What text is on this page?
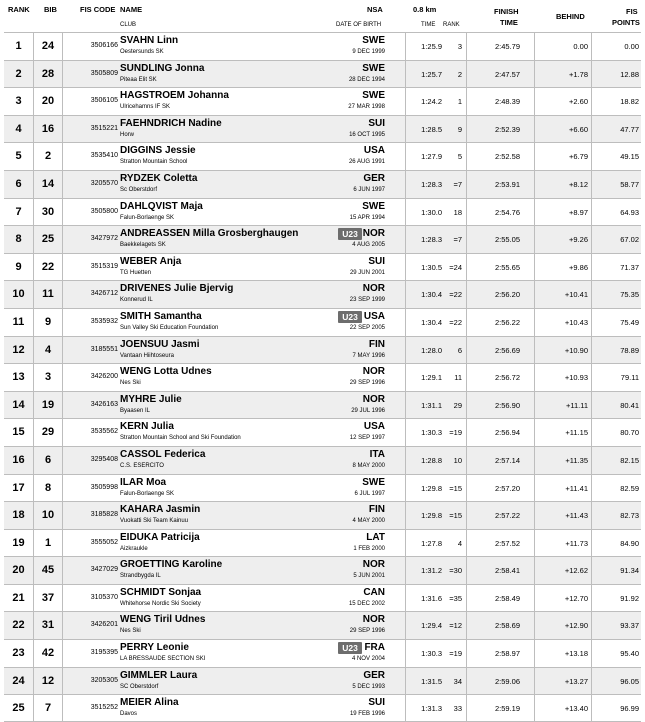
RANK BIB	FIS CODE NAME
CLUB
NSA
DATE OF BIRTH
0.8 km
TIME RANK
FINISH
TIME
BEHIND
FIS
POINTS
1	24	3506166 SVAHN Linn
Oestersunds SK
SWE
9 DEC 1999
1:25.9	3	2:45.79	0.00	0.00
2	28	3505809 SUNDLING Jonna
Piteaa Elit SK
SWE
28 DEC 1994
1:25.7	2	2:47.57	+1.78	12.88
3	20	3506105 HAGSTROEM Johanna
Ulricehamns IF SK
SWE
27 MAR 1998
1:24.2	1	2:48.39	+2.60	18.82
4	16	3515221 FAEHNDRICH Nadine
Horw
SUI
16 OCT 1995
1:28.5	9	2:52.39	+6.60	47.77
5	2	3535410 DIGGINS Jessie
Stratton Mountain School
USA
26 AUG 1991
1:27.9	5	2:52.58	+6.79	49.15
6	14	3205570 RYDZEK Coletta
Sc Oberstdorf
GER
6 JUN 1997
1:28.3	=7	2:53.91	+8.12	58.77
7	30	3505800 DAHLQVIST Maja
Falun-Borlaenge SK
SWE
15 APR 1994
1:30.0	18	2:54.76	+8.97	64.93
8	25	3427972 ANDREASSEN Milla Grosberghaugen
Baekkelagets SK
NOR
4 AUG 2005
1:28.3	=7	2:55.05	+9.26	67.02
U23
9	22	3515319 WEBER Anja
TG Huetten
SUI
29 JUN 2001
1:30.5 =24	2:55.65	+9.86	71.37
10	11	3426712 DRIVENES Julie Bjervig
Konnerud IL
NOR
23 SEP 1999
1:30.4 =22	2:56.20	+10.41	75.35
11	9	3535932 SMITH Samantha
Sun Valley Ski Education Foundation
USA
22 SEP 2005
1:30.4 =22	2:56.22	+10.43	75.49
U23
12	4	3185551 JOENSUU Jasmi
Vantaan Hiihtoseura
FIN
7 MAY 1996
1:28.0	6	2:56.69	+10.90	78.89
13	3	3426200 WENG Lotta Udnes
Nes Ski
NOR
29 SEP 1996
1:29.1	11	2:56.72	+10.93	79.11
14	19	3426163 MYHRE Julie
Byaasen IL
NOR
29 JUL 1996
1:31.1	29	2:56.90	+11.11	80.41
15	29	3535562 KERN Julia
Stratton Mountain School and Ski Foundation
USA
12 SEP 1997
1:30.3 =19	2:56.94	+11.15	80.70
16	6	3295408 CASSOL Federica
C.S. ESERCITO
ITA
8 MAY 2000
1:28.8	10	2:57.14	+11.35	82.15
17	8	3505998 ILAR Moa
Falun-Borlaenge SK
SWE
6 JUL 1997
1:29.8 =15	2:57.20	+11.41	82.59
18	10	3185828 KAHARA Jasmin
Vuokatti Ski Team Kainuu
FIN
4 MAY 2000
1:29.8 =15	2:57.22	+11.43	82.73
19	1	3555052 EIDUKA Patricija
Aizkraukle
LAT
1 FEB 2000
1:27.8	4	2:57.52	+11.73	84.90
20	45	3427029 GROETTING Karoline
Strandbygda IL
NOR
5 JUN 2001
1:31.2 =30	2:58.41	+12.62	91.34
21	37	3105370 SCHMIDT Sonjaa
Whitehorse Nordic Ski Society
CAN
15 DEC 2002
1:31.6 =35	2:58.49	+12.70	91.92
22	31	3426201 WENG Tiril Udnes
Nes Ski
NOR
29 SEP 1996
1:29.4 =12	2:58.69	+12.90	93.37
23	42	3195395 PERRY Leonie
LA BRESSAUDE SECTION SKI
FRA
4 NOV 2004
1:30.3 =19	2:58.97	+13.18	95.40
U23
24	12	3205305 GIMMLER Laura
SC Oberstdorf
GER
5 DEC 1993
1:31.5	34	2:59.06	+13.27	96.05
25	7	3515252 MEIER Alina
Davos
SUI
19 FEB 1996
1:31.3	33	2:59.19	+13.40	96.99
